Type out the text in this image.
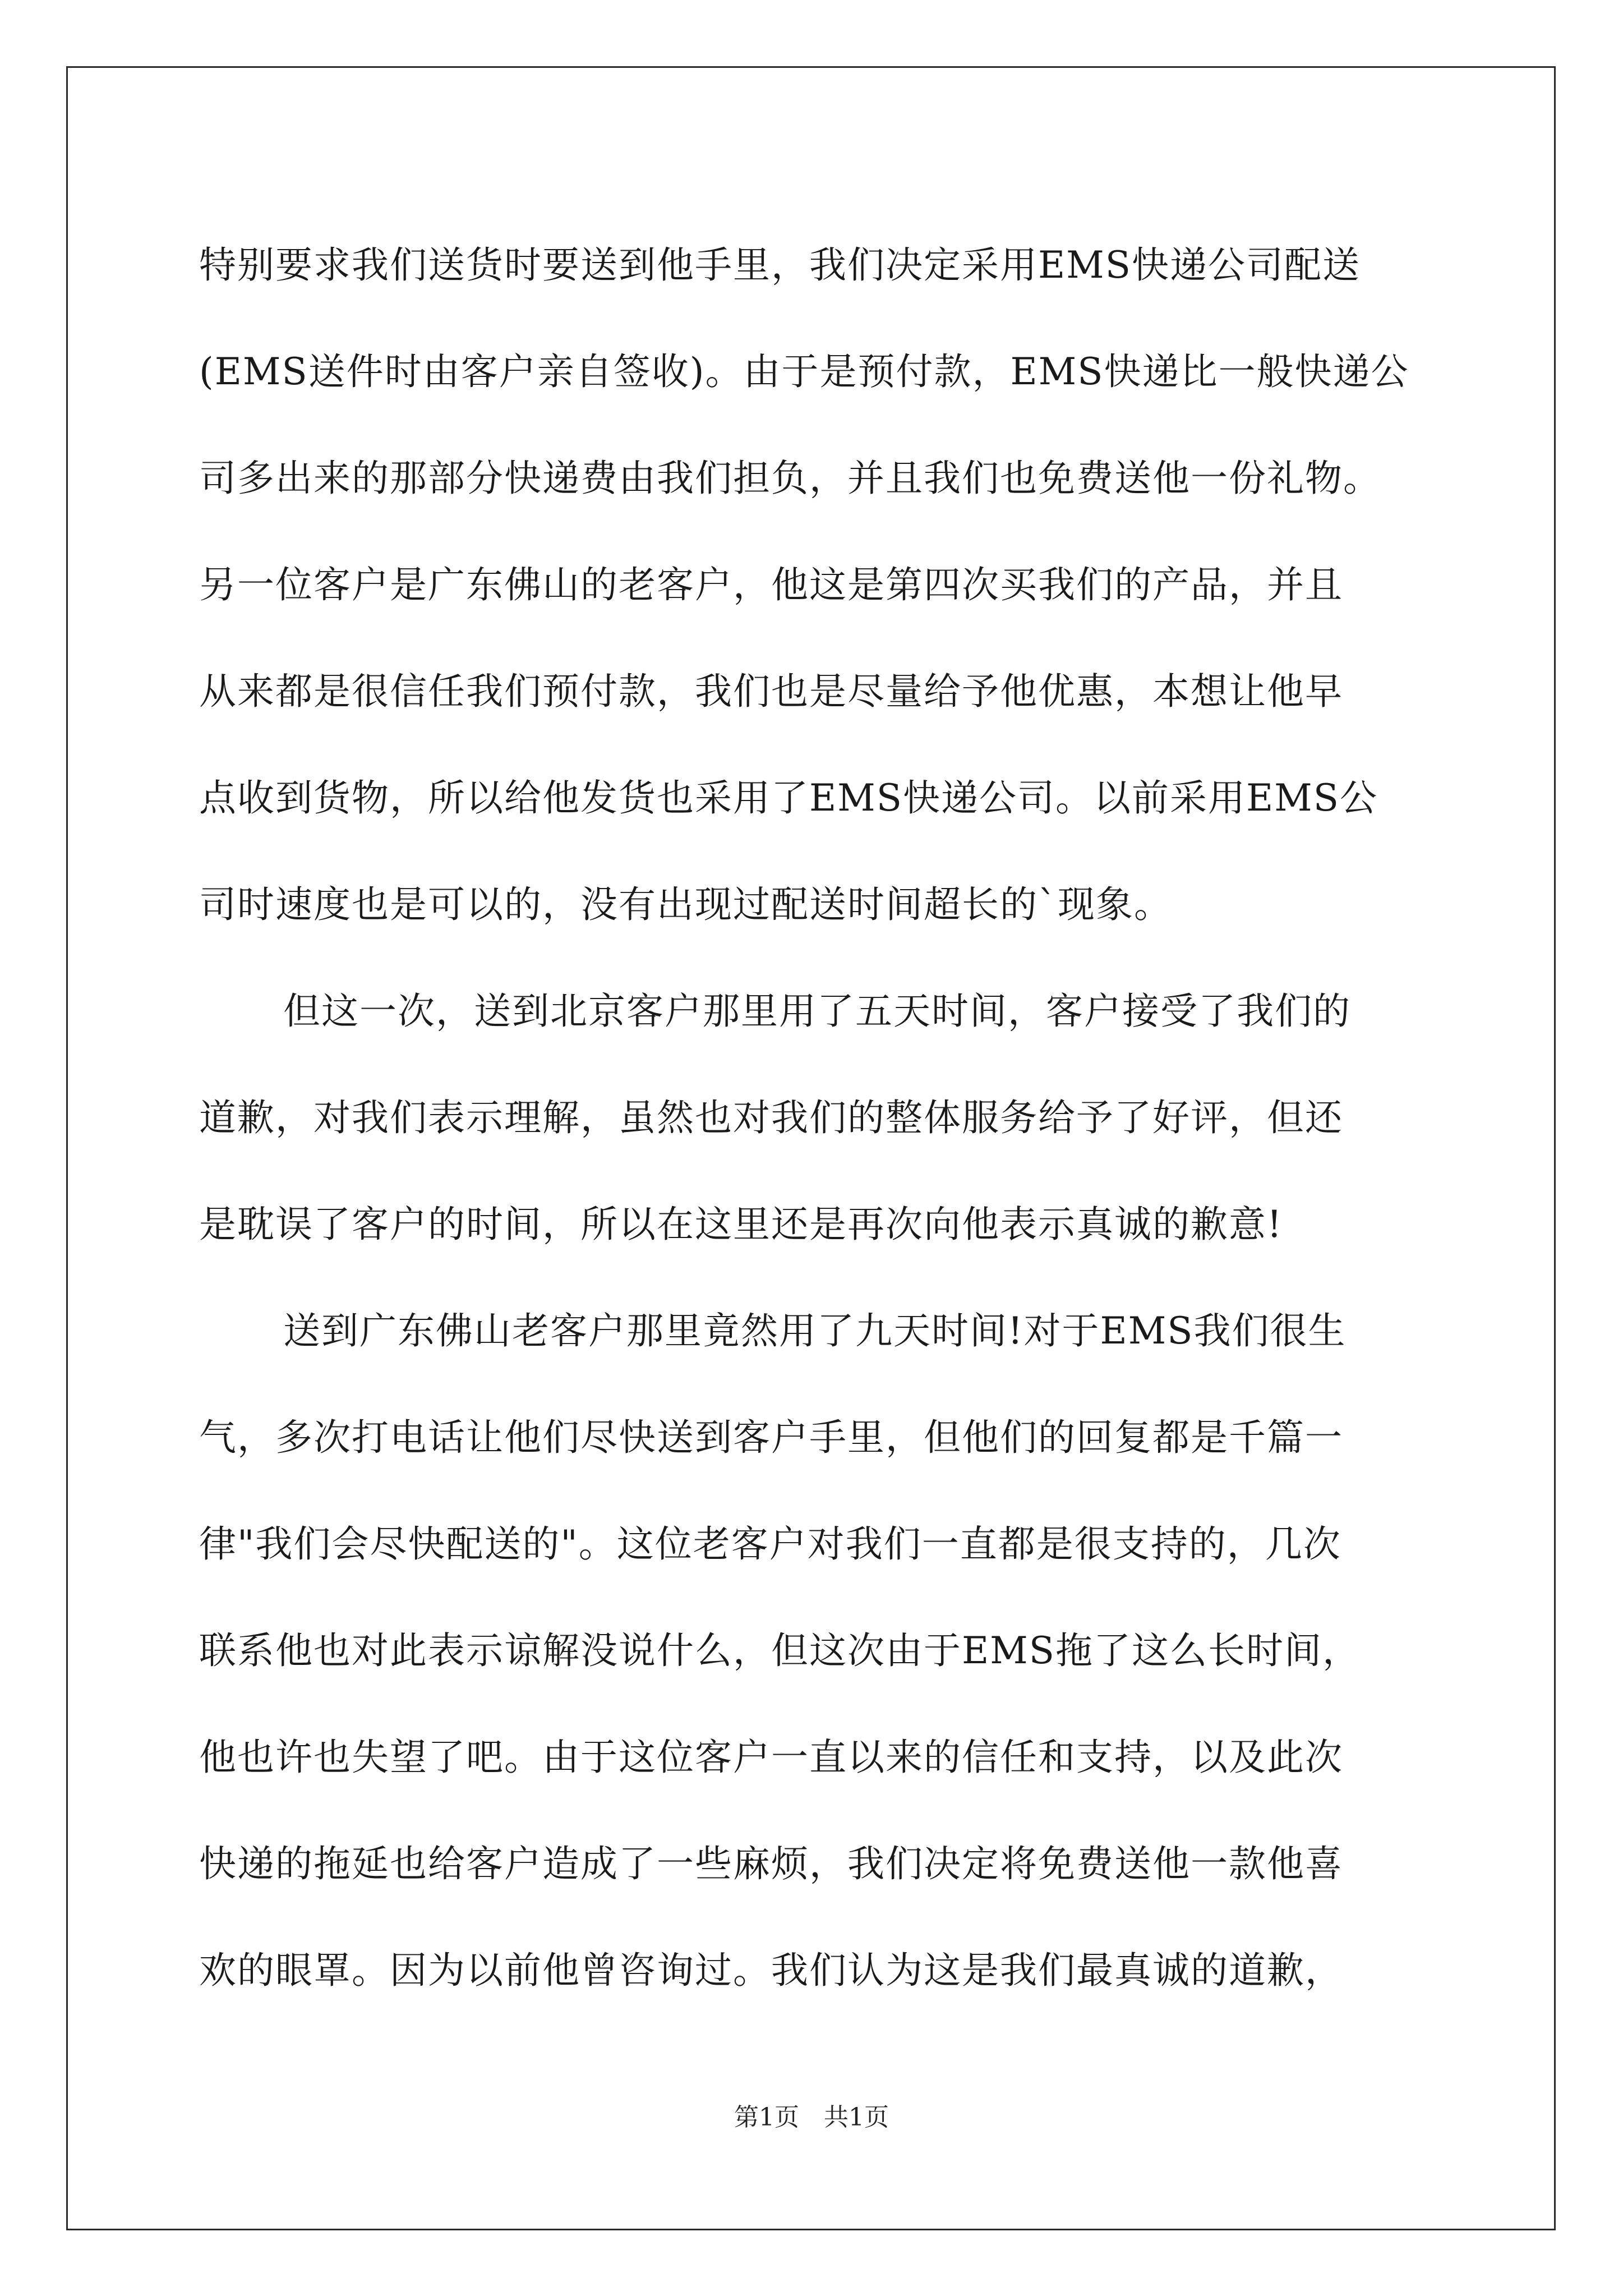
特别要求我们送货时要送到他手里，我们决定采用EMS快递公司配送
(EMS送件时由客户亲自签收)。由于是预付款，EMS快递比一般快递公
司多出来的那部分快递费由我们担负，并且我们也免费送他一份礼物。
另一位客户是广东佛山的老客户，他这是第四次买我们的产品，并且
从来都是很信任我们预付款，我们也是尽量给予他优惠，本想让他早
点收到货物，所以给他发货也采用了EMS快递公司。以前采用EMS公
司时速度也是可以的，没有出现过配送时间超长的`现象。
但这一次，送到北京客户那里用了五天时间，客户接受了我们的
道歉，对我们表示理解，虽然也对我们的整体服务给予了好评，但还
是耽误了客户的时间，所以在这里还是再次向他表示真诚的歉意!
送到广东佛山老客户那里竟然用了九天时间!对于EMS我们很生
气，多次打电话让他们尽快送到客户手里，但他们的回复都是千篇一
律"我们会尽快配送的"。这位老客户对我们一直都是很支持的，几次
联系他也对此表示谅解没说什么，但这次由于EMS拖了这么长时间，
他也许也失望了吧。由于这位客户一直以来的信任和支持，以及此次
快递的拖延也给客户造成了一些麻烦，我们决定将免费送他一款他喜
欢的眼罩。因为以前他曾咨询过。我们认为这是我们最真诚的道歉，
第1页　共1页
